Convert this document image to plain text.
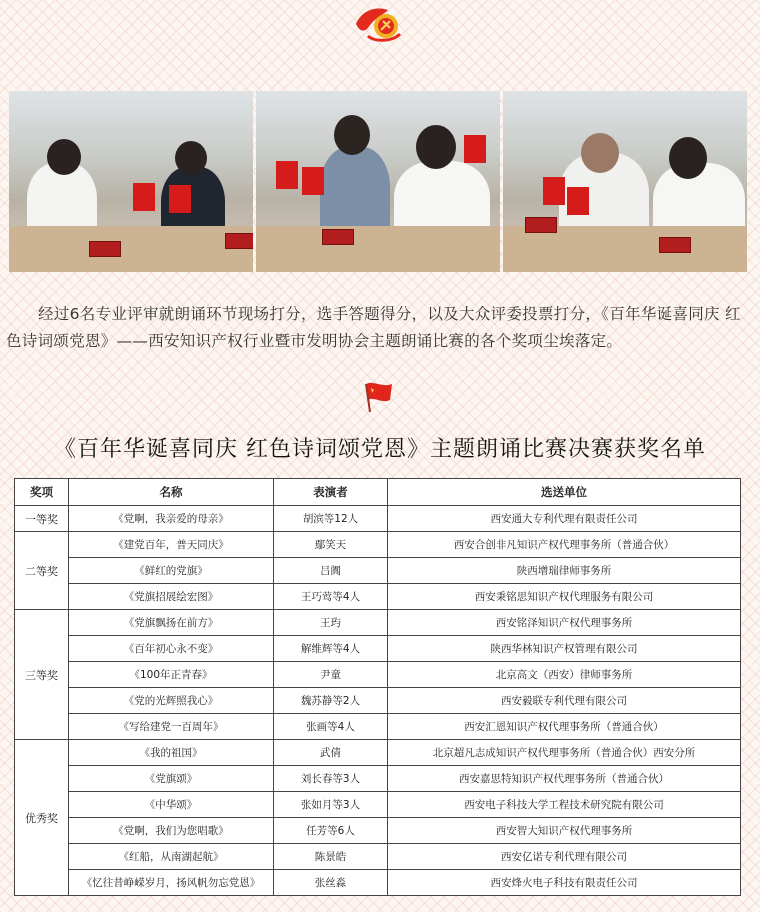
经过6名专业评审就朗诵环节现场打分，选手答题得分，以及大众评委投票打分，《百年华诞喜同庆 红色诗词颂党恩》——西安知识产权行业暨市发明协会主题朗诵比赛的各个奖项尘埃落定。

《百年华诞喜同庆 红色诗词颂党恩》主题朗诵比赛决赛获奖名单
奖项	名称	表演者	选送单位
一等奖	《党啊，我亲爱的母亲》	胡滨等12人	西安通大专利代理有限责任公司
二等奖	《建党百年，普天同庆》	鄢笑天	西安合创非凡知识产权代理事务所（普通合伙）
	《鲜红的党旗》	吕阗	陕西增瑞律师事务所
	《党旗招展绘宏图》	王巧莺等4人	西安秉铭思知识产权代理服务有限公司
三等奖	《党旗飘扬在前方》	王玙	西安铭泽知识产权代理事务所
	《百年初心永不变》	解维辉等4人	陕西华林知识产权管理有限公司
	《100年正青春》	尹童	北京高文（西安）律师事务所
	《党的光辉照我心》	魏苏静等2人	西安毅联专利代理有限公司
	《写给建党一百周年》	张画等4人	西安汇恩知识产权代理事务所（普通合伙）
优秀奖	《我的祖国》	武倩	北京超凡志成知识产权代理事务所（普通合伙）西安分所
	《党旗颂》	刘长春等3人	西安嘉思特知识产权代理事务所（普通合伙）
	《中华颂》	张如月等3人	西安电子科技大学工程技术研究院有限公司
	《党啊，我们为您唱歌》	任芳等6人	西安智大知识产权代理事务所
	《红船，从南湖起航》	陈景皓	西安亿诺专利代理有限公司
	《忆往昔峥嵘岁月，扬风帆勿忘党恩》	张丝淼	西安烽火电子科技有限责任公司
